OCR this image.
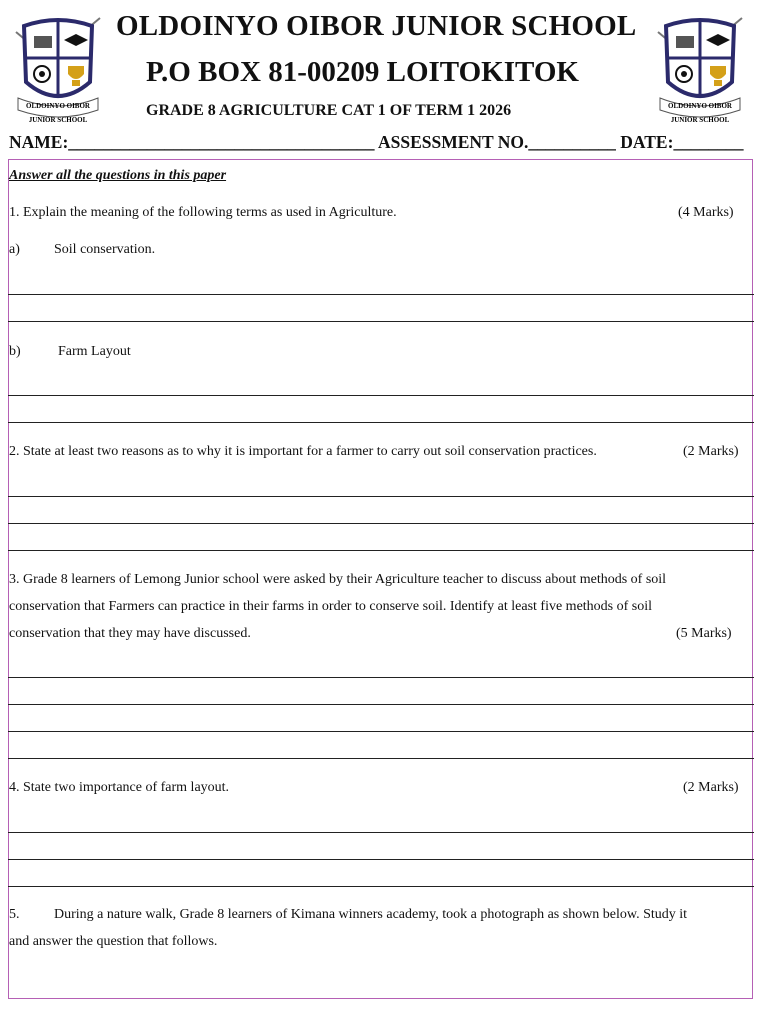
OLDOINYO OIBOR
JUNIOR SCHOOL
OLDOINYO OIBOR
JUNIOR SCHOOL
OLDOINYO OIBOR JUNIOR SCHOOL
P.O BOX 81-00209 LOITOKITOK
GRADE 8 AGRICULTURE CAT 1 OF TERM 1 2026
NAME:___________________________________ ASSESSMENT NO.__________ DATE:________
Answer all the questions in this paper
1. Explain the meaning of the following terms as used in Agriculture.	(4 Marks)
a) Soil conservation.
b)	Farm Layout
2. State at least two reasons as to why it is important for a farmer to carry out soil conservation practices.	(2 Marks)
3. Grade 8 learners of Lemong Junior school were asked by their Agriculture teacher to discuss about methods of soil
conservation that Farmers can practice in their farms in order to conserve soil. Identify at least five methods of soil
conservation that they may have discussed.	(5 Marks)
4. State two importance of farm layout.	(2 Marks)
5. During a nature walk, Grade 8 learners of Kimana winners academy, took a photograph as shown below. Study it
and answer the question that follows.
